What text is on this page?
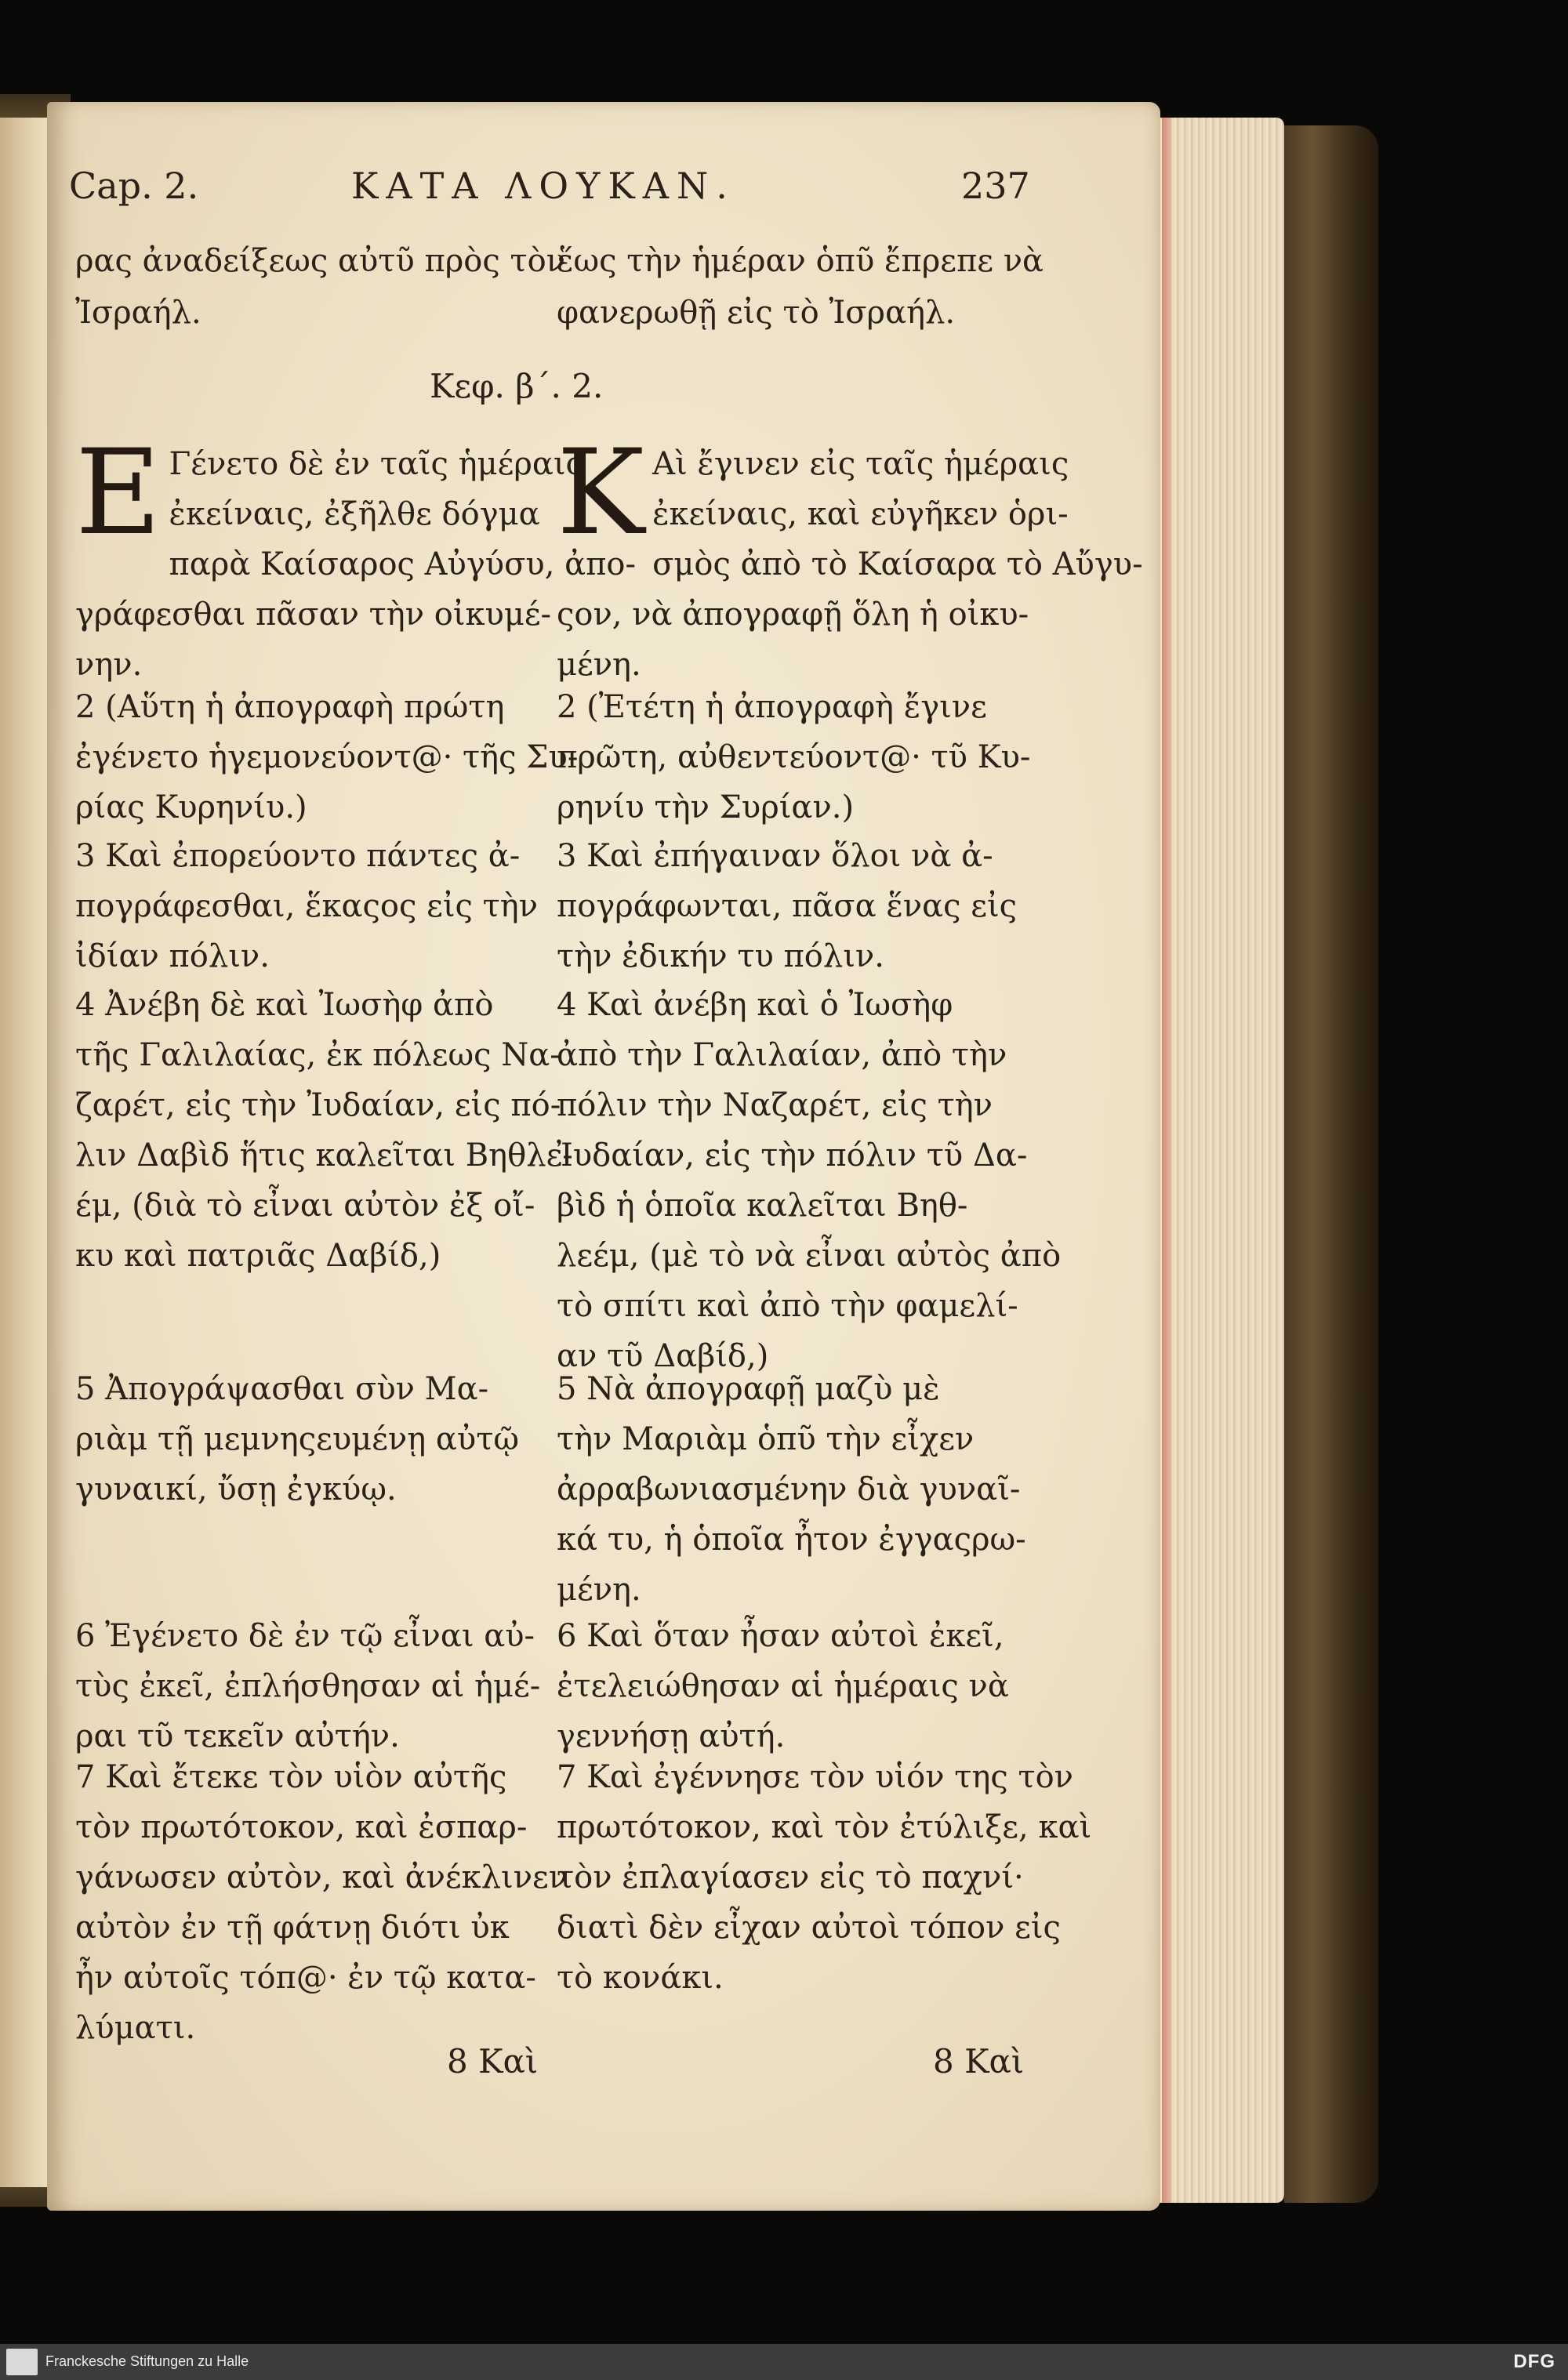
Cap. 2.	ΚΑΤΑ ΛΟΥΚΑΝ.	237

ρας ἀναδείξεως αὐτῦ πρὸς τὸν

Ἰσραήλ.

ἕως τὴν ἡμέραν ὁπῦ ἔπρεπε νὰ

φανερωθῇ εἰς τὸ Ἰσραήλ.

Κεφ. β΄. 2.
Ε Γένετο δὲ ἐν ταῖς ἡμέραις

ἐκείναις, ἐξῆλθε δόγμα

παρὰ Καίσαρος Αὐγύσυ, ἀπο-

γράφεσθαι πᾶσαν τὴν οἰκυμέ-

νην.

Κ Αὶ ἔγινεν εἰς ταῖς ἡμέραις

ἐκείναις, καὶ εὐγῆκεν ὁρι-

σμὸς ἀπὸ τὸ Καίσαρα τὸ Αὔγυ-

ςον, νὰ ἀπογραφῇ ὅλη ἡ οἰκυ-

μένη.

2 (Αὕτη ἡ ἀπογραφὴ πρώτη

ἐγένετο ἡγεμονεύοντ@· τῆς Συ-

ρίας Κυρηνίυ.)

2 (Ἐτέτη ἡ ἀπογραφὴ ἔγινε

πρῶτη, αὐθεντεύοντ@· τῦ Κυ-

ρηνίυ τὴν Συρίαν.)

3 Καὶ ἐπορεύοντο πάντες ἀ-

πογράφεσθαι, ἕκαςος εἰς τὴν

ἰδίαν πόλιν.

3 Καὶ ἐπήγαιναν ὅλοι νὰ ἀ-

πογράφωνται, πᾶσα ἕνας εἰς

τὴν ἐδικήν τυ πόλιν.

4 Ἀνέβη δὲ καὶ Ἰωσὴφ ἀπὸ

τῆς Γαλιλαίας, ἐκ πόλεως Να-

ζαρέτ, εἰς τὴν Ἰυδαίαν, εἰς πό-

λιν Δαβὶδ ἥτις καλεῖται Βηθλε-

έμ, (διὰ τὸ εἶναι αὐτὸν ἐξ οἴ-

κυ καὶ πατριᾶς Δαβίδ,)

4 Καὶ ἀνέβη καὶ ὁ Ἰωσὴφ

ἀπὸ τὴν Γαλιλαίαν, ἀπὸ τὴν

πόλιν τὴν Ναζαρέτ, εἰς τὴν

Ἰυδαίαν, εἰς τὴν πόλιν τῦ Δα-

βὶδ ἡ ὁποῖα καλεῖται Βηθ-

λεέμ, (μὲ τὸ νὰ εἶναι αὐτὸς ἀπὸ

τὸ σπίτι καὶ ἀπὸ τὴν φαμελί-

αν τῦ Δαβίδ,)

5 Ἀπογράψασθαι σὺν Μα-

ριὰμ τῇ μεμνηςευμένῃ αὐτῷ

γυναικί, ὔσῃ ἐγκύῳ.

5 Νὰ ἀπογραφῇ μαζὺ μὲ

τὴν Μαριὰμ ὁπῦ τὴν εἶχεν

ἀρραβωνιασμένην διὰ γυναῖ-

κά τυ, ἡ ὁποῖα ἦτον ἐγγαςρω-

μένη.

6 Ἐγένετο δὲ ἐν τῷ εἶναι αὐ-

τὺς ἐκεῖ, ἐπλήσθησαν αἱ ἡμέ-

ραι τῦ τεκεῖν αὐτήν.

6 Καὶ ὅταν ἦσαν αὐτοὶ ἐκεῖ,

ἐτελειώθησαν αἱ ἡμέραις νὰ

γεννήσῃ αὐτή.

7 Καὶ ἔτεκε τὸν υἱὸν αὐτῆς

τὸν πρωτότοκον, καὶ ἐσπαρ-

γάνωσεν αὐτὸν, καὶ ἀνέκλινεν

αὐτὸν ἐν τῇ φάτνῃ διότι ὐκ

ἦν αὐτοῖς τόπ@· ἐν τῷ κατα-

λύματι.

7 Καὶ ἐγέννησε τὸν υἱόν της τὸν

πρωτότοκον, καὶ τὸν ἐτύλιξε, καὶ

τὸν ἐπλαγίασεν εἰς τὸ παχνί·

διατὶ δὲν εἶχαν αὐτοὶ τόπον εἰς

τὸ κονάκι.

8 Καὶ	8 Καὶ
Franckesche Stiftungen zu Halle	DFG
